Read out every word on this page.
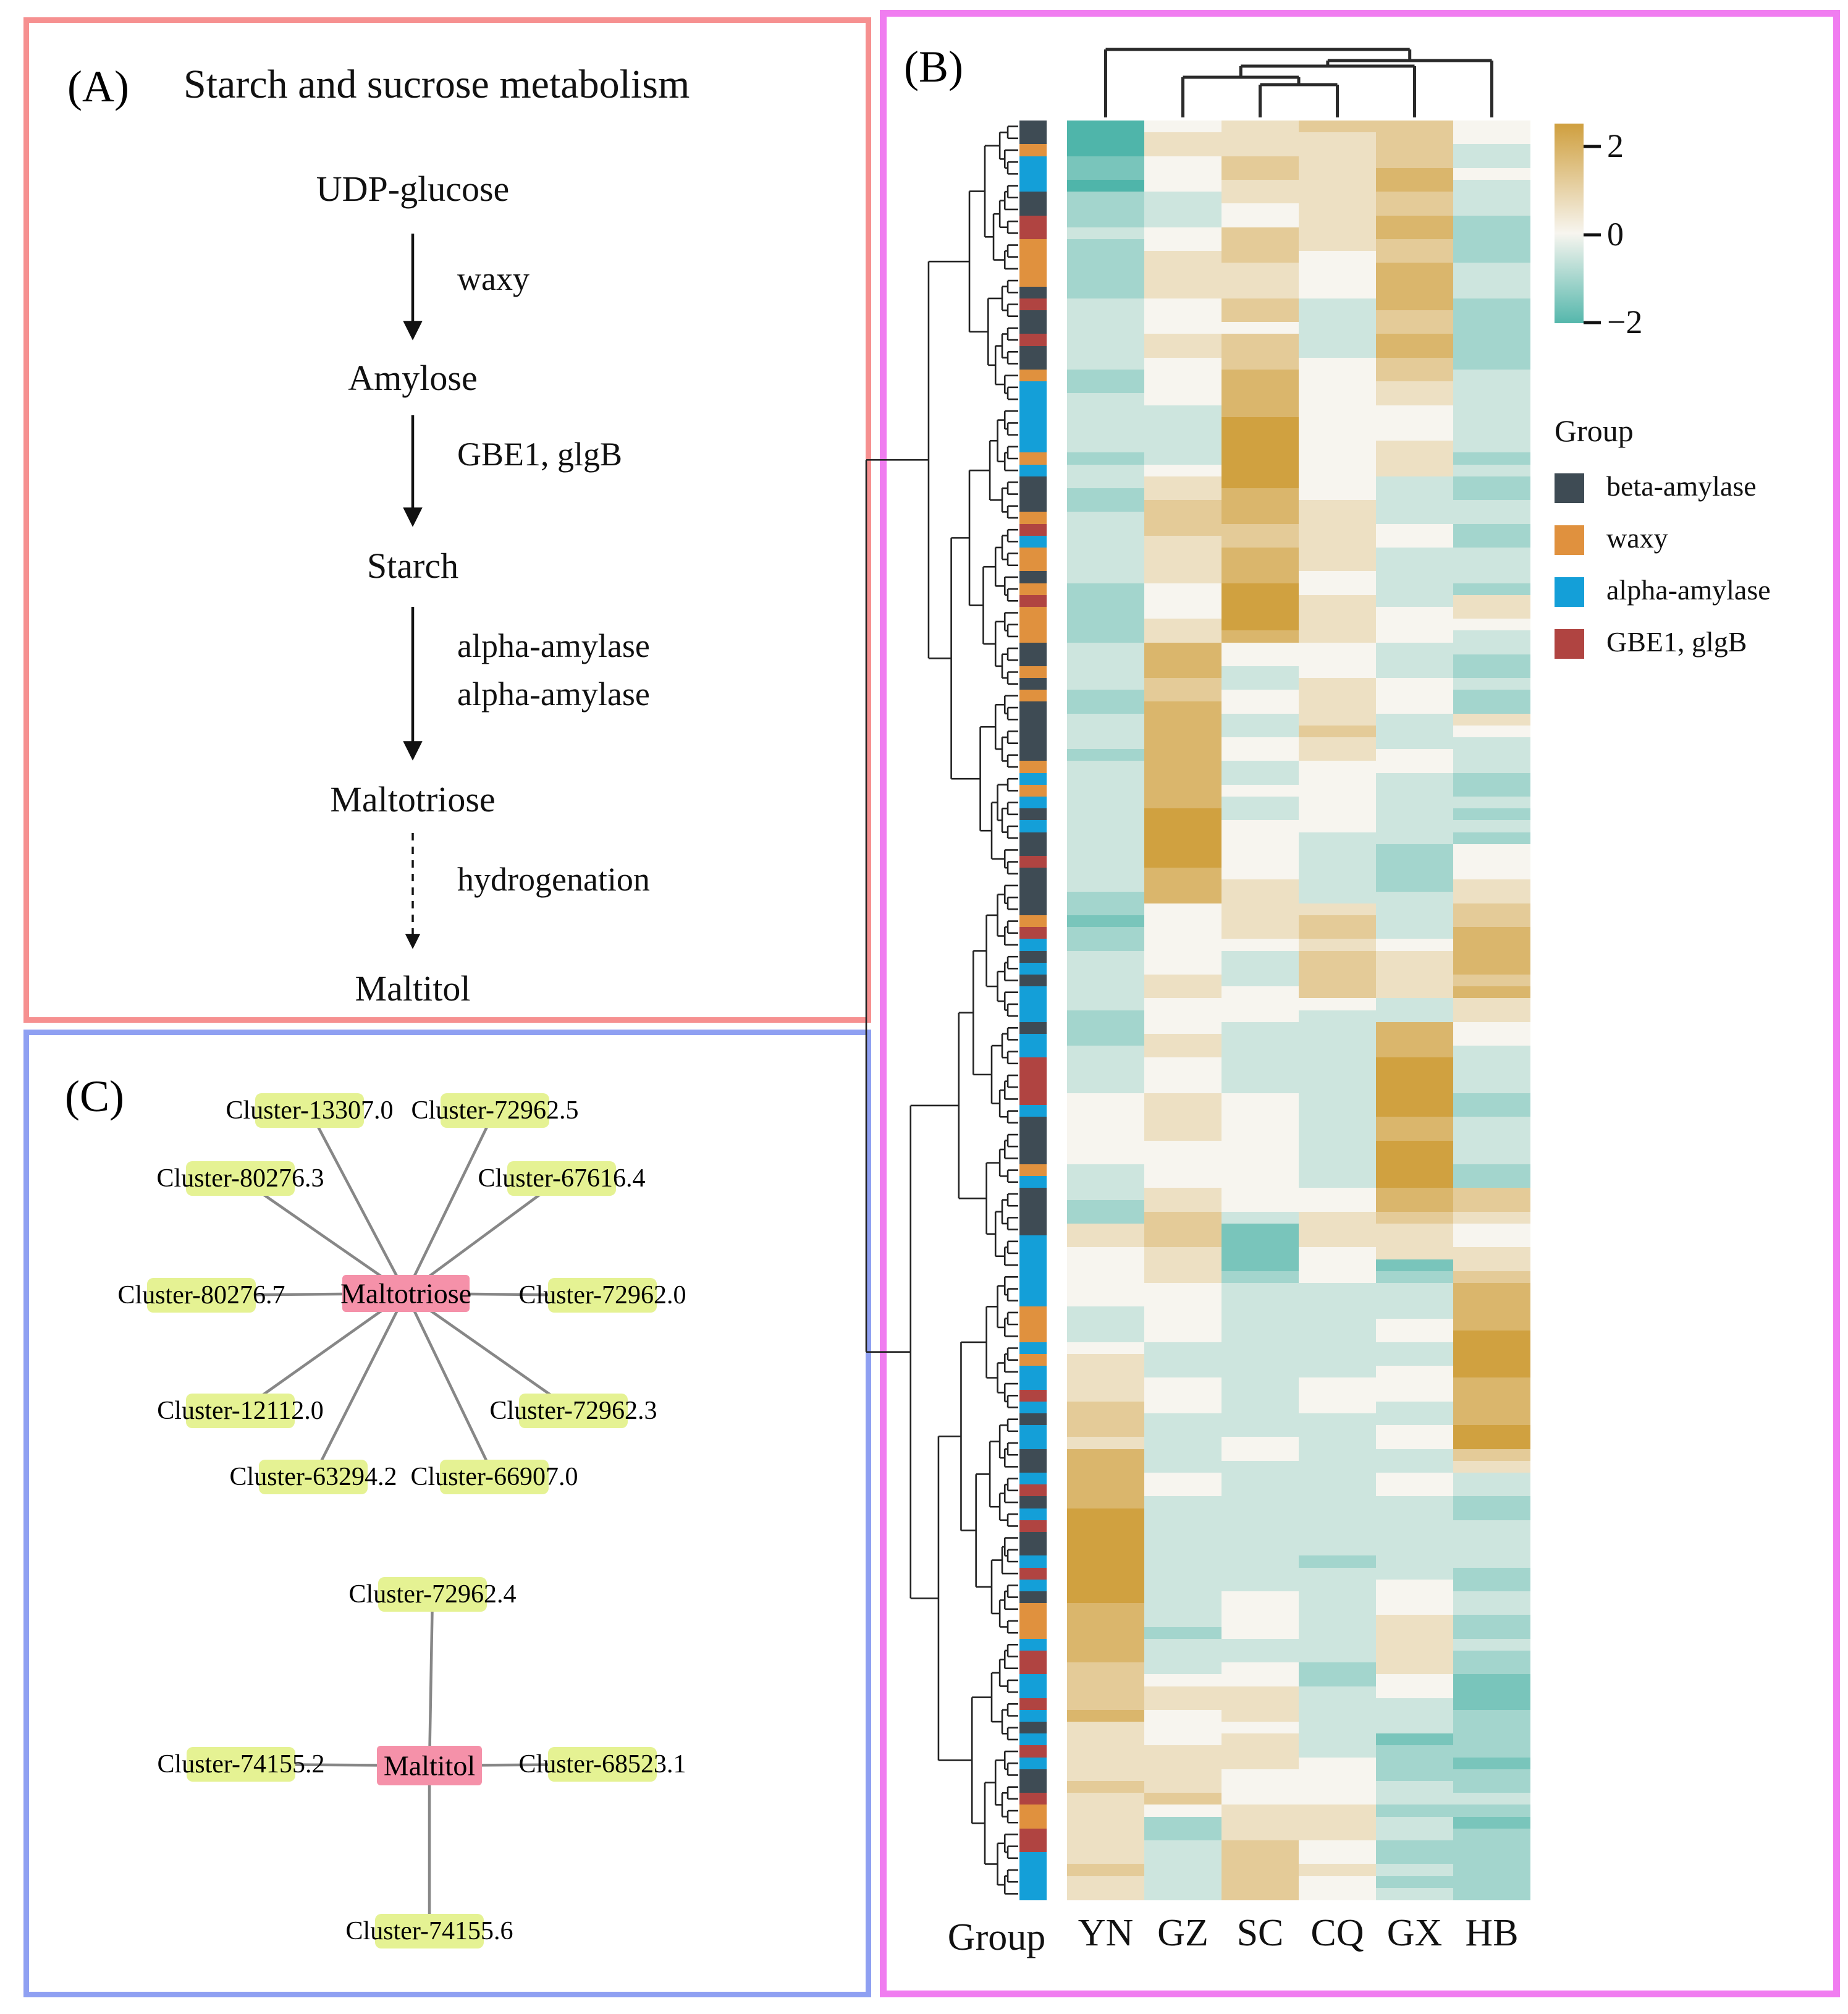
(A) Starch and sucrose metabolism
(C)
(B)
Group
beta-amylase
waxy
alpha-amylase
GBE1, glgB
UDP-glucose
Amylose
Starch
Maltotriose
Maltitol
waxy
GBE1, glgB
alpha-amylase
alpha-amylase
hydrogenation
2
0
−2
YN GZ SC CQ GX HB
Group
Cluster-13307.0 Cluster-72962.5
Cluster-80276.3	Cluster-67616.4
Cluster-80276.7	Cluster-72962.0
Cluster-12112.0	Cluster-72962.3
Cluster-63294.2 Cluster-66907.0
Maltotriose
Cluster-72962.4
Cluster-74155.2	Cluster-68523.1
Cluster-74155.6
Maltitol
